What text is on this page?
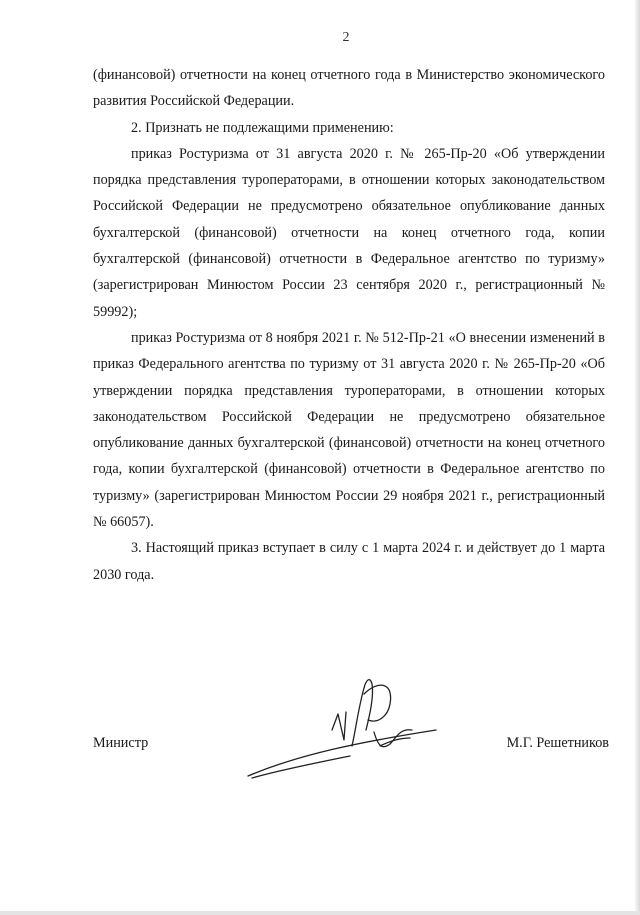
2

(финансовой) отчетности на конец отчетного года в Министерство экономического развития Российской Федерации.

2. Признать не подлежащими применению:

приказ Ростуризма от 31 августа 2020 г. № 265-Пр-20 «Об утверждении порядка представления туроператорами, в отношении которых законодательством Российской Федерации не предусмотрено обязательное опубликование данных бухгалтерской (финансовой) отчетности на конец отчетного года, копии бухгалтерской (финансовой) отчетности в Федеральное агентство по туризму» (зарегистрирован Минюстом России 23 сентября 2020 г., регистрационный № 59992);

приказ Ростуризма от 8 ноября 2021 г. № 512-Пр-21 «О внесении изменений в приказ Федерального агентства по туризму от 31 августа 2020 г. № 265-Пр-20 «Об утверждении порядка представления туроператорами, в отношении которых законодательством Российской Федерации не предусмотрено обязательное опубликование данных бухгалтерской (финансовой) отчетности на конец отчетного года, копии бухгалтерской (финансовой) отчетности в Федеральное агентство по туризму» (зарегистрирован Минюстом России 29 ноября 2021 г., регистрационный № 66057).

3. Настоящий приказ вступает в силу с 1 марта 2024 г. и действует до 1 марта 2030 года.

Министр	М.Г. Решетников
